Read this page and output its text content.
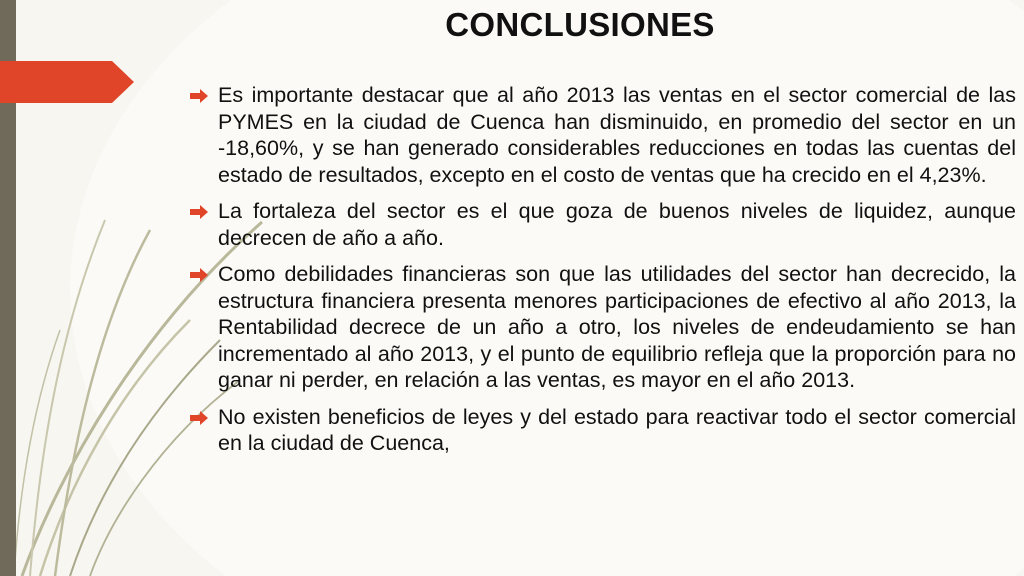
CONCLUSIONES
Es importante destacar que al año 2013 las ventas en el sector comercial de las PYMES en la ciudad de Cuenca han disminuido, en promedio del sector en un -18,60%, y se han generado considerables reducciones en todas las cuentas del estado de resultados, excepto en el costo de ventas que ha crecido en el 4,23%.
La fortaleza del sector es el que goza de buenos niveles de liquidez, aunque decrecen de año a año.
Como debilidades financieras son que las utilidades del sector han decrecido, la estructura financiera presenta menores participaciones de efectivo al año 2013, la Rentabilidad decrece de un año a otro, los niveles de endeudamiento se han incrementado al año 2013, y el punto de equilibrio refleja que la proporción para no ganar ni perder, en relación a las ventas, es mayor en el año 2013.
No existen beneficios de leyes y del estado para reactivar todo el sector comercial en la ciudad de Cuenca,
